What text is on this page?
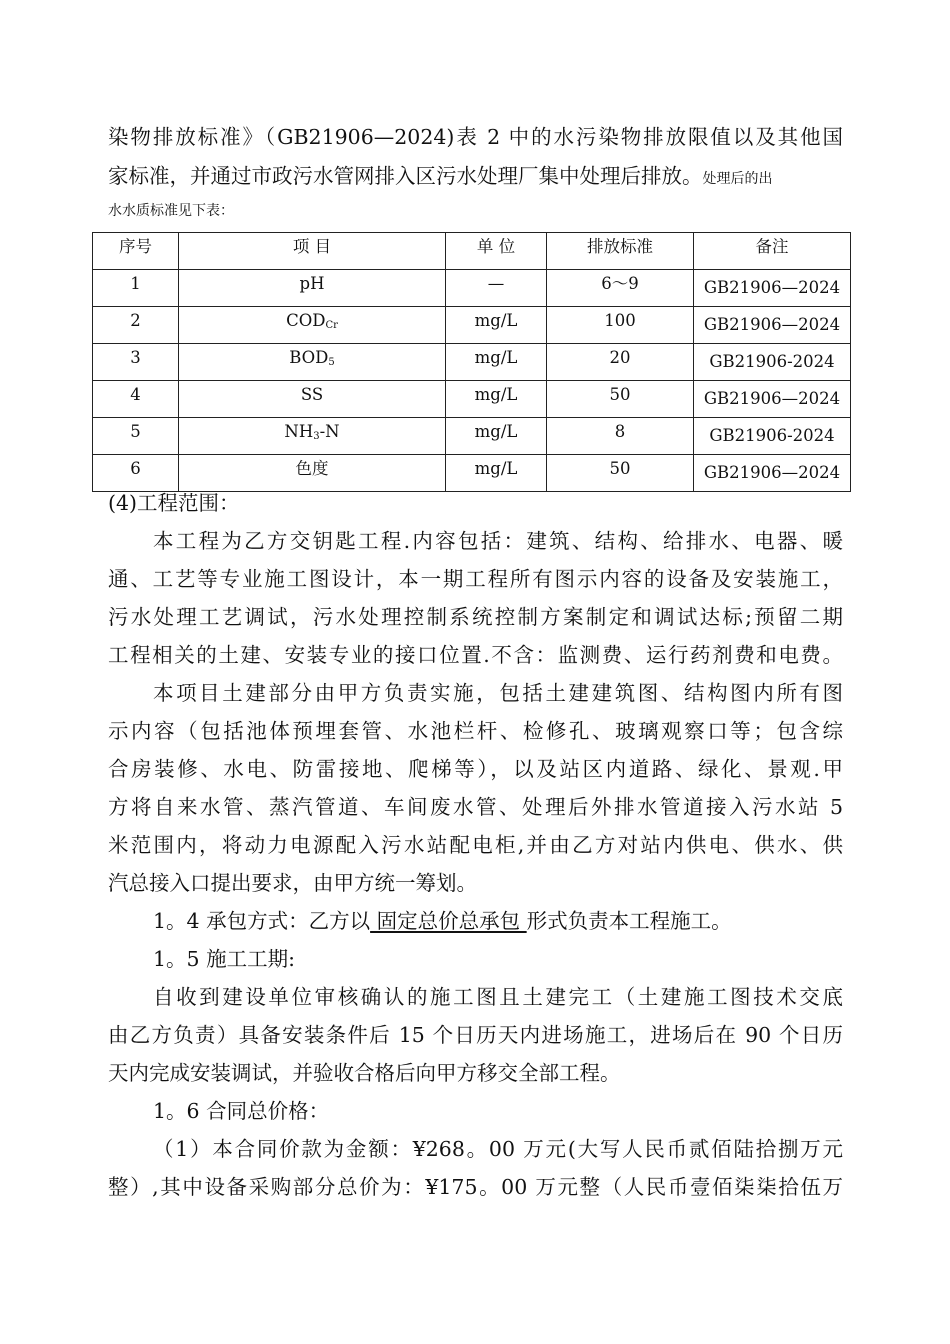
染物排放标准》（GB21906—2024)表 2 中的水污染物排放限值以及其他国
家标准，并通过市政污水管网排入区污水处理厂集中处理后排放。处理后的出
水水质标准见下表：
序号	项 目	单 位	排放标准	备注
1	pH	—	6～9	GB21906—2024
2	$COD_{Cr}$	mg/L	100	GB21906—2024
3	$BOD_5$	mg/L	20	GB21906-2024
4	SS	mg/L	50	GB21906—2024
5	$NH_3-N$	mg/L	8	GB21906-2024
6	色度	mg/L	50	GB21906—2024
(4)工程范围：
本工程为乙方交钥匙工程.内容包括：建筑、结构、给排水、电器、暖
通、工艺等专业施工图设计，本一期工程所有图示内容的设备及安装施工，
污水处理工艺调试，污水处理控制系统控制方案制定和调试达标;预留二期
工程相关的土建、安装专业的接口位置.不含：监测费、运行药剂费和电费。
本项目土建部分由甲方负责实施，包括土建建筑图、结构图内所有图
示内容（包括池体预埋套管、水池栏杆、检修孔、玻璃观察口等；包含综
合房装修、水电、防雷接地、爬梯等），以及站区内道路、绿化、景观.甲
方将自来水管、蒸汽管道、车间废水管、处理后外排水管道接入污水站 5
米范围内，将动力电源配入污水站配电柜,并由乙方对站内供电、供水、供
汽总接入口提出要求，由甲方统一筹划。
1。4 承包方式：乙方以 固定总价总承包 形式负责本工程施工。
1。5 施工工期:
自收到建设单位审核确认的施工图且土建完工（土建施工图技术交底
由乙方负责）具备安装条件后 15 个日历天内进场施工，进场后在 90 个日历
天内完成安装调试，并验收合格后向甲方移交全部工程。
1。6 合同总价格：
（1）本合同价款为金额：¥268。00 万元(大写人民币贰佰陆拾捌万元
整）,其中设备采购部分总价为：¥175。00 万元整（人民币壹佰柒柒拾伍万
